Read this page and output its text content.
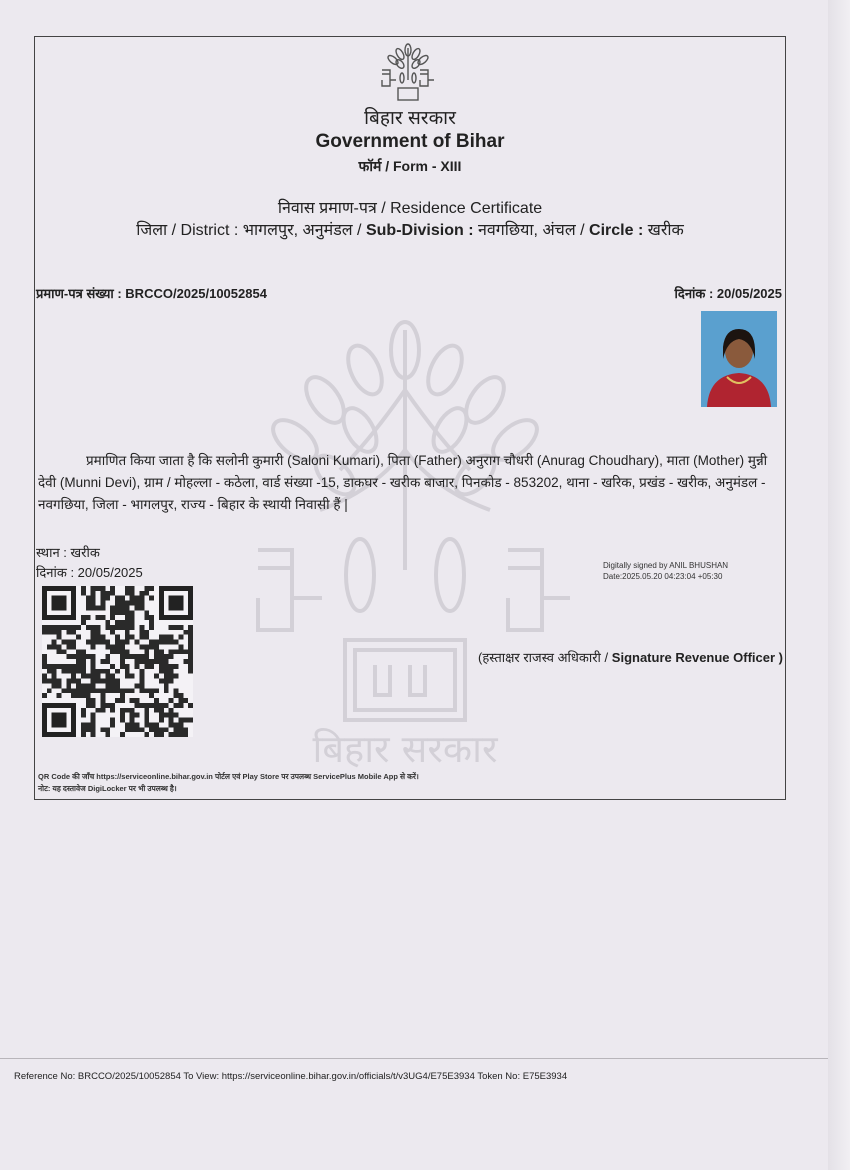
बिहार सरकार
बिहार सरकार
Government of Bihar
फॉर्म / Form - XIII
निवास प्रमाण-पत्र / Residence Certificate
जिला / District : भागलपुर, अनुमंडल / Sub-Division : नवगछिया, अंचल / Circle : खरीक
प्रमाण-पत्र संख्या : BRCCO/2025/10052854	दिनांक : 20/05/2025
प्रमाणित किया जाता है कि सलोनी कुमारी (Saloni Kumari), पिता (Father) अनुराग चौधरी (Anurag Choudhary), माता (Mother) मुन्नी देवी (Munni Devi), ग्राम / मोहल्ला - कठेला, वार्ड संख्या -15, डाकघर - खरीक बाजार, पिनकोड - 853202, थाना - खरिक, प्रखंड - खरीक, अनुमंडल - नवगछिया, जिला - भागलपुर, राज्य - बिहार के स्थायी निवासी हैं |
स्थान : खरीक
दिनांक : 20/05/2025	Digitally signed by ANIL BHUSHAN
Date:2025.05.20 04:23:04 +05:30
(हस्ताक्षर राजस्व अधिकारी / Signature Revenue Officer )
QR Code की जाँच https://serviceonline.bihar.gov.in पोर्टल एवं Play Store पर उपलब्ध ServicePlus Mobile App से करें।
नोट: यह दस्तावेज DigiLocker पर भी उपलब्ध है।
Reference No: BRCCO/2025/10052854 To View: https://serviceonline.bihar.gov.in/officials/t/v3UG4/E75E3934 Token No: E75E3934
